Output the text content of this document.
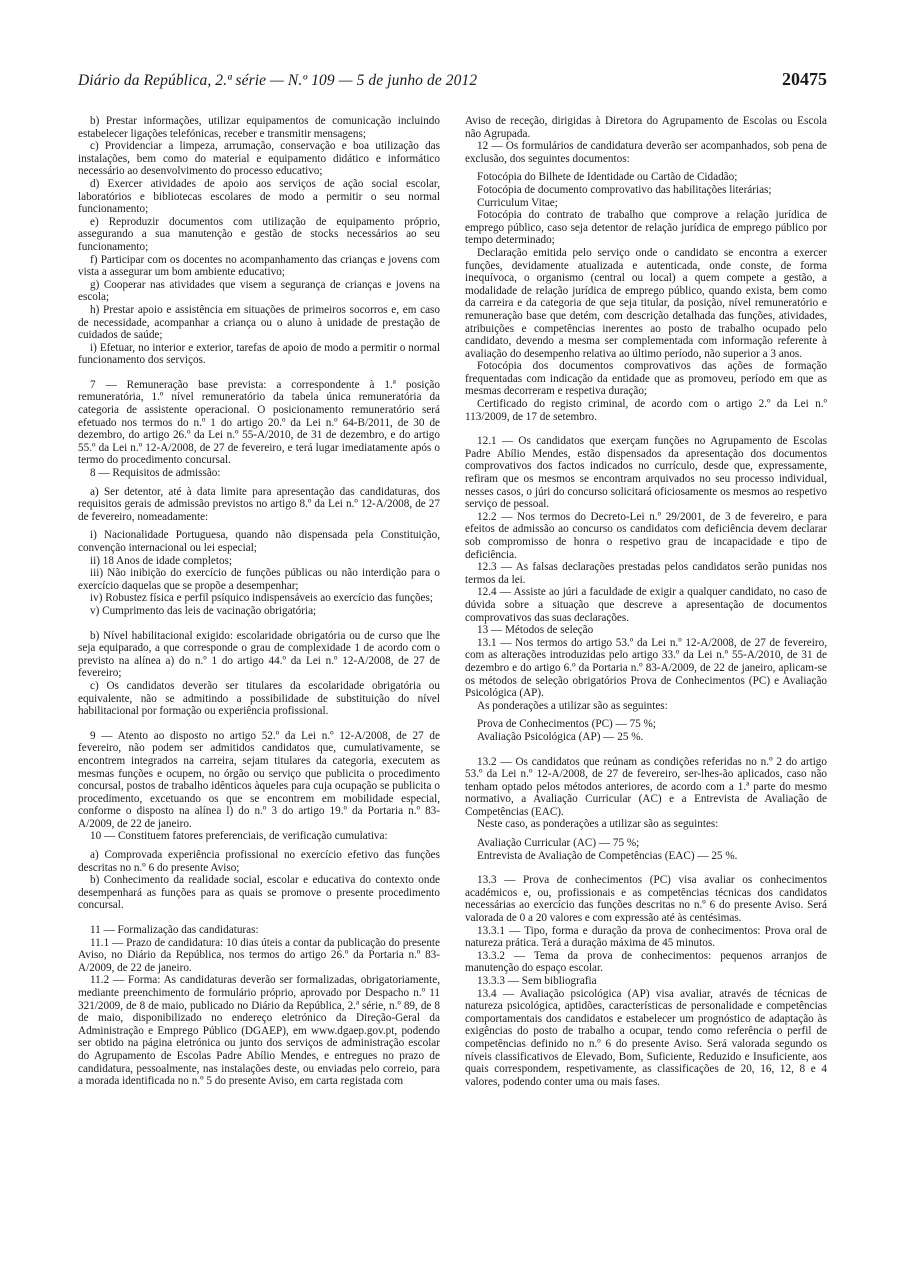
Diário da República, 2.ª série — N.º 109 — 5 de junho de 2012	20475

b) Prestar informações, utilizar equipamentos de comunicação incluindo estabelecer ligações telefónicas, receber e transmitir mensagens;

c) Providenciar a limpeza, arrumação, conservação e boa utilização das instalações, bem como do material e equipamento didático e informático necessário ao desenvolvimento do processo educativo;

d) Exercer atividades de apoio aos serviços de ação social escolar, laboratórios e bibliotecas escolares de modo a permitir o seu normal funcionamento;

e) Reproduzir documentos com utilização de equipamento próprio, assegurando a sua manutenção e gestão de stocks necessários ao seu funcionamento;

f) Participar com os docentes no acompanhamento das crianças e jovens com vista a assegurar um bom ambiente educativo;

g) Cooperar nas atividades que visem a segurança de crianças e jovens na escola;

h) Prestar apoio e assistência em situações de primeiros socorros e, em caso de necessidade, acompanhar a criança ou o aluno à unidade de prestação de cuidados de saúde;

i) Efetuar, no interior e exterior, tarefas de apoio de modo a permitir o normal funcionamento dos serviços.

7 — Remuneração base prevista: a correspondente à 1.ª posição remuneratória, 1.º nível remuneratório da tabela única remuneratória da categoria de assistente operacional. O posicionamento remuneratório será efetuado nos termos do n.º 1 do artigo 20.º da Lei n.º 64-B/2011, de 30 de dezembro, do artigo 26.º da Lei n.º 55-A/2010, de 31 de dezembro, e do artigo 55.º da Lei n.º 12-A/2008, de 27 de fevereiro, e terá lugar imediatamente após o termo do procedimento concursal.

8 — Requisitos de admissão:

a) Ser detentor, até à data limite para apresentação das candidaturas, dos requisitos gerais de admissão previstos no artigo 8.º da Lei n.º 12-A/2008, de 27 de fevereiro, nomeadamente:

i) Nacionalidade Portuguesa, quando não dispensada pela Constituição, convenção internacional ou lei especial;

ii) 18 Anos de idade completos;

iii) Não inibição do exercício de funções públicas ou não interdição para o exercício daquelas que se propõe a desempenhar;

iv) Robustez física e perfil psíquico indispensáveis ao exercício das funções;

v) Cumprimento das leis de vacinação obrigatória;

b) Nível habilitacional exigido: escolaridade obrigatória ou de curso que lhe seja equiparado, a que corresponde o grau de complexidade 1 de acordo com o previsto na alínea a) do n.º 1 do artigo 44.º da Lei n.º 12-A/2008, de 27 de fevereiro;

c) Os candidatos deverão ser titulares da escolaridade obrigatória ou equivalente, não se admitindo a possibilidade de substituição do nível habilitacional por formação ou experiência profissional.

9 — Atento ao disposto no artigo 52.º da Lei n.º 12-A/2008, de 27 de fevereiro, não podem ser admitidos candidatos que, cumulativamente, se encontrem integrados na carreira, sejam titulares da categoria, executem as mesmas funções e ocupem, no órgão ou serviço que publicita o procedimento concursal, postos de trabalho idênticos àqueles para cuja ocupação se publicita o procedimento, excetuando os que se encontrem em mobilidade especial, conforme o disposto na alínea l) do n.º 3 do artigo 19.º da Portaria n.º 83-A/2009, de 22 de janeiro.

10 — Constituem fatores preferenciais, de verificação cumulativa:

a) Comprovada experiência profissional no exercício efetivo das funções descritas no n.º 6 do presente Aviso;

b) Conhecimento da realidade social, escolar e educativa do contexto onde desempenhará as funções para as quais se promove o presente procedimento concursal.

11 — Formalização das candidaturas:

11.1 — Prazo de candidatura: 10 dias úteis a contar da publicação do presente Aviso, no Diário da República, nos termos do artigo 26.º da Portaria n.º 83-A/2009, de 22 de janeiro.

11.2 — Forma: As candidaturas deverão ser formalizadas, obrigatoriamente, mediante preenchimento de formulário próprio, aprovado por Despacho n.º 11 321/2009, de 8 de maio, publicado no Diário da República, 2.ª série, n.º 89, de 8 de maio, disponibilizado no endereço eletrónico da Direção-Geral da Administração e Emprego Público (DGAEP), em www.dgaep.gov.pt, podendo ser obtido na página eletrónica ou junto dos serviços de administração escolar do Agrupamento de Escolas Padre Abílio Mendes, e entregues no prazo de candidatura, pessoalmente, nas instalações deste, ou enviadas pelo correio, para a morada identificada no n.º 5 do presente Aviso, em carta registada com

Aviso de receção, dirigidas à Diretora do Agrupamento de Escolas ou Escola não Agrupada.

12 — Os formulários de candidatura deverão ser acompanhados, sob pena de exclusão, dos seguintes documentos:

Fotocópia do Bilhete de Identidade ou Cartão de Cidadão;

Fotocópia de documento comprovativo das habilitações literárias;

Curriculum Vitae;

Fotocópia do contrato de trabalho que comprove a relação jurídica de emprego público, caso seja detentor de relação jurídica de emprego público por tempo determinado;

Declaração emitida pelo serviço onde o candidato se encontra a exercer funções, devidamente atualizada e autenticada, onde conste, de forma inequívoca, o organismo (central ou local) a quem compete a gestão, a modalidade de relação jurídica de emprego público, quando exista, bem como da carreira e da categoria de que seja titular, da posição, nível remuneratório e remuneração base que detém, com descrição detalhada das funções, atividades, atribuições e competências inerentes ao posto de trabalho ocupado pelo candidato, devendo a mesma ser complementada com informação referente à avaliação do desempenho relativa ao último período, não superior a 3 anos.

Fotocópia dos documentos comprovativos das ações de formação frequentadas com indicação da entidade que as promoveu, período em que as mesmas decorreram e respetiva duração;

Certificado do registo criminal, de acordo com o artigo 2.º da Lei n.º 113/2009, de 17 de setembro.

12.1 — Os candidatos que exerçam funções no Agrupamento de Escolas Padre Abílio Mendes, estão dispensados da apresentação dos documentos comprovativos dos factos indicados no currículo, desde que, expressamente, refiram que os mesmos se encontram arquivados no seu processo individual, nesses casos, o júri do concurso solicitará oficiosamente os mesmos ao respetivo serviço de pessoal.

12.2 — Nos termos do Decreto-Lei n.º 29/2001, de 3 de fevereiro, e para efeitos de admissão ao concurso os candidatos com deficiência devem declarar sob compromisso de honra o respetivo grau de incapacidade e tipo de deficiência.

12.3 — As falsas declarações prestadas pelos candidatos serão punidas nos termos da lei.

12.4 — Assiste ao júri a faculdade de exigir a qualquer candidato, no caso de dúvida sobre a situação que descreve a apresentação de documentos comprovativos das suas declarações.

13 — Métodos de seleção

13.1 — Nos termos do artigo 53.º da Lei n.º 12-A/2008, de 27 de fevereiro, com as alterações introduzidas pelo artigo 33.º da Lei n.º 55-A/2010, de 31 de dezembro e do artigo 6.º da Portaria n.º 83-A/2009, de 22 de janeiro, aplicam-se os métodos de seleção obrigatórios Prova de Conhecimentos (PC) e Avaliação Psicológica (AP).

As ponderações a utilizar são as seguintes:

Prova de Conhecimentos (PC) — 75 %;

Avaliação Psicológica (AP) — 25 %.

13.2 — Os candidatos que reúnam as condições referidas no n.º 2 do artigo 53.º da Lei n.º 12-A/2008, de 27 de fevereiro, ser-lhes-ão aplicados, caso não tenham optado pelos métodos anteriores, de acordo com a 1.ª parte do mesmo normativo, a Avaliação Curricular (AC) e a Entrevista de Avaliação de Competências (EAC).

Neste caso, as ponderações a utilizar são as seguintes:

Avaliação Curricular (AC) — 75 %;

Entrevista de Avaliação de Competências (EAC) — 25 %.

13.3 — Prova de conhecimentos (PC) visa avaliar os conhecimentos académicos e, ou, profissionais e as competências técnicas dos candidatos necessárias ao exercício das funções descritas no n.º 6 do presente Aviso. Será valorada de 0 a 20 valores e com expressão até às centésimas.

13.3.1 — Tipo, forma e duração da prova de conhecimentos: Prova oral de natureza prática. Terá a duração máxima de 45 minutos.

13.3.2 — Tema da prova de conhecimentos: pequenos arranjos de manutenção do espaço escolar.

13.3.3 — Sem bibliografia

13.4 — Avaliação psicológica (AP) visa avaliar, através de técnicas de natureza psicológica, aptidões, características de personalidade e competências comportamentais dos candidatos e estabelecer um prognóstico de adaptação às exigências do posto de trabalho a ocupar, tendo como referência o perfil de competências definido no n.º 6 do presente Aviso. Será valorada segundo os níveis classificativos de Elevado, Bom, Suficiente, Reduzido e Insuficiente, aos quais correspondem, respetivamente, as classificações de 20, 16, 12, 8 e 4 valores, podendo conter uma ou mais fases.
